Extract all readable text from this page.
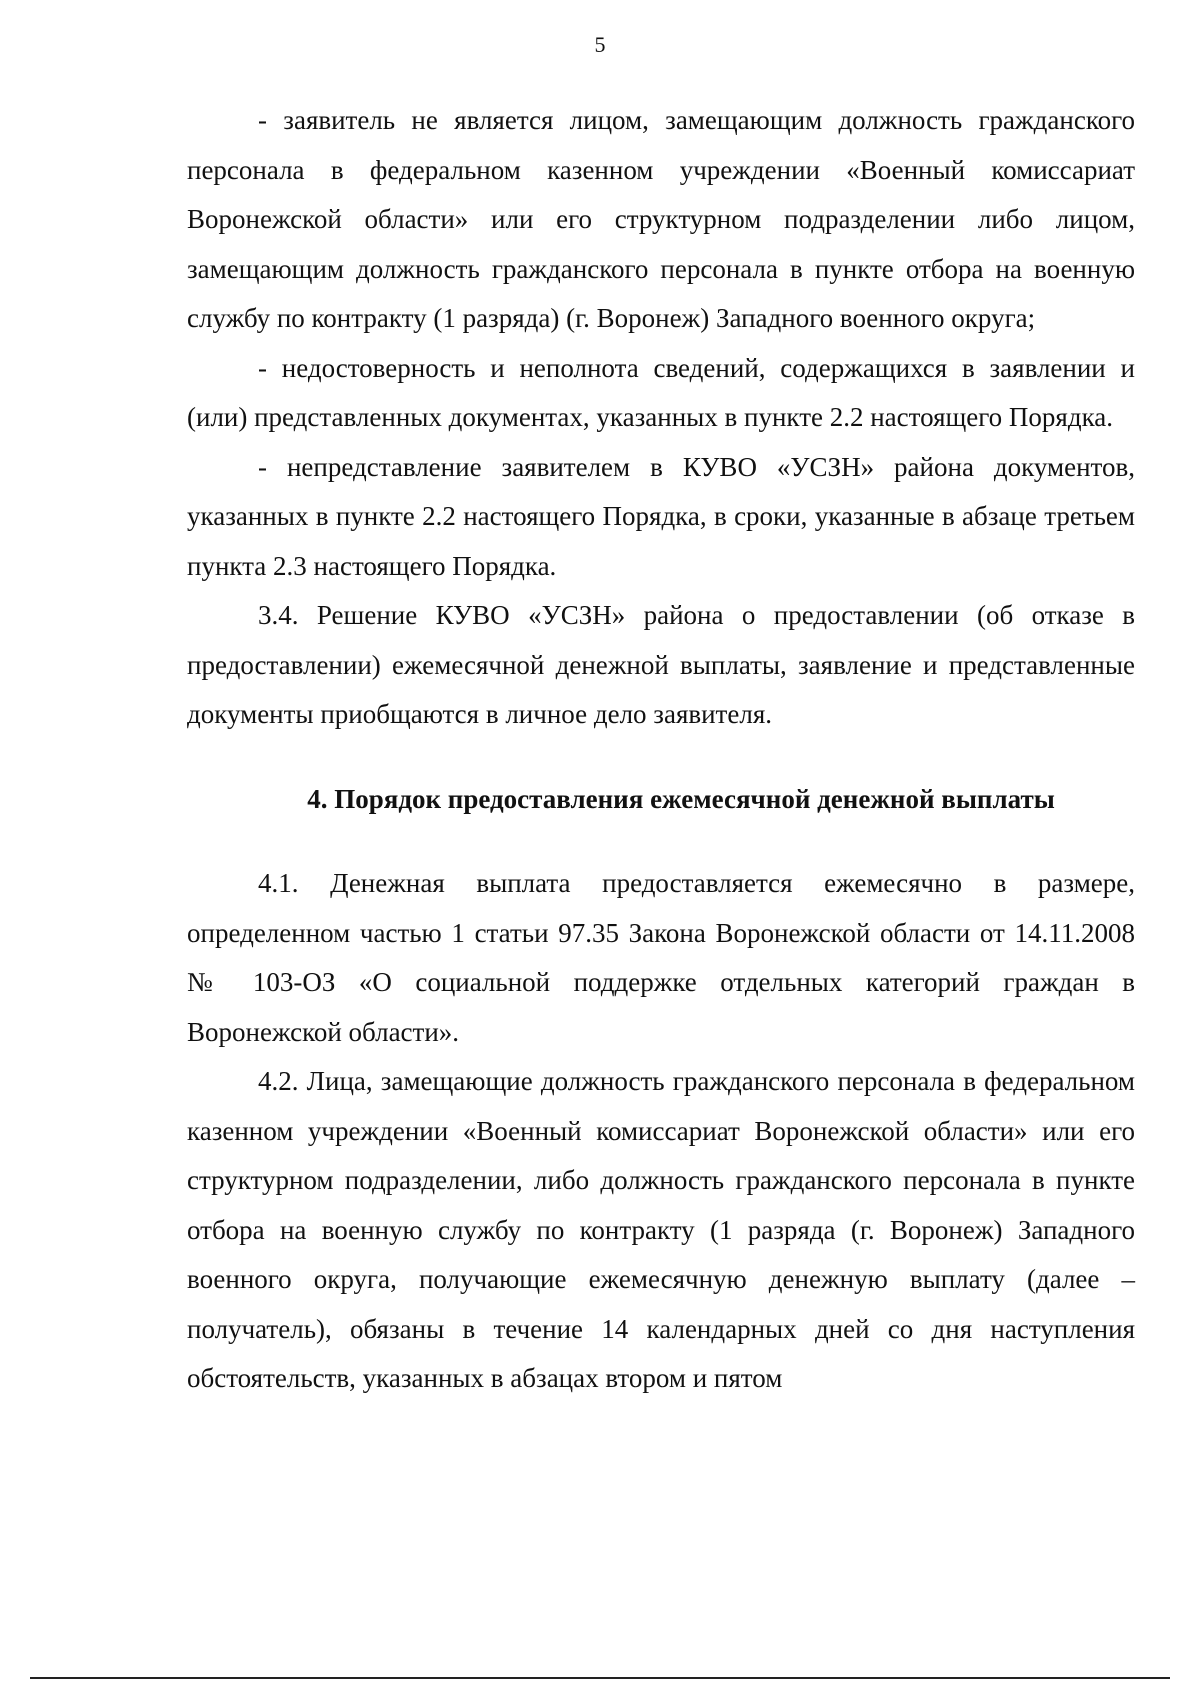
5

- заявитель не является лицом, замещающим должность гражданского персонала в федеральном казенном учреждении «Военный комиссариат Воронежской области» или его структурном подразделении либо лицом, замещающим должность гражданского персонала в пункте отбора на военную службу по контракту (1 разряда) (г. Воронеж) Западного военного округа;

- недостоверность и неполнота сведений, содержащихся в заявлении и (или) представленных документах, указанных в пункте 2.2 настоящего Порядка.

- непредставление заявителем в КУВО «УСЗН» района документов, указанных в пункте 2.2 настоящего Порядка, в сроки, указанные в абзаце третьем пункта 2.3 настоящего Порядка.

3.4. Решение КУВО «УСЗН» района о предоставлении (об отказе в предоставлении) ежемесячной денежной выплаты, заявление и представленные документы приобщаются в личное дело заявителя.

4. Порядок предоставления ежемесячной денежной выплаты

4.1. Денежная выплата предоставляется ежемесячно в размере, определенном частью 1 статьи 97.35 Закона Воронежской области от 14.11.2008 № 103-ОЗ «О социальной поддержке отдельных категорий граждан в Воронежской области».

4.2. Лица, замещающие должность гражданского персонала в федеральном казенном учреждении «Военный комиссариат Воронежской области» или его структурном подразделении, либо должность гражданского персонала в пункте отбора на военную службу по контракту (1 разряда (г. Воронеж) Западного военного округа, получающие ежемесячную денежную выплату (далее – получатель), обязаны в течение 14 календарных дней со дня наступления обстоятельств, указанных в абзацах втором и пятом
